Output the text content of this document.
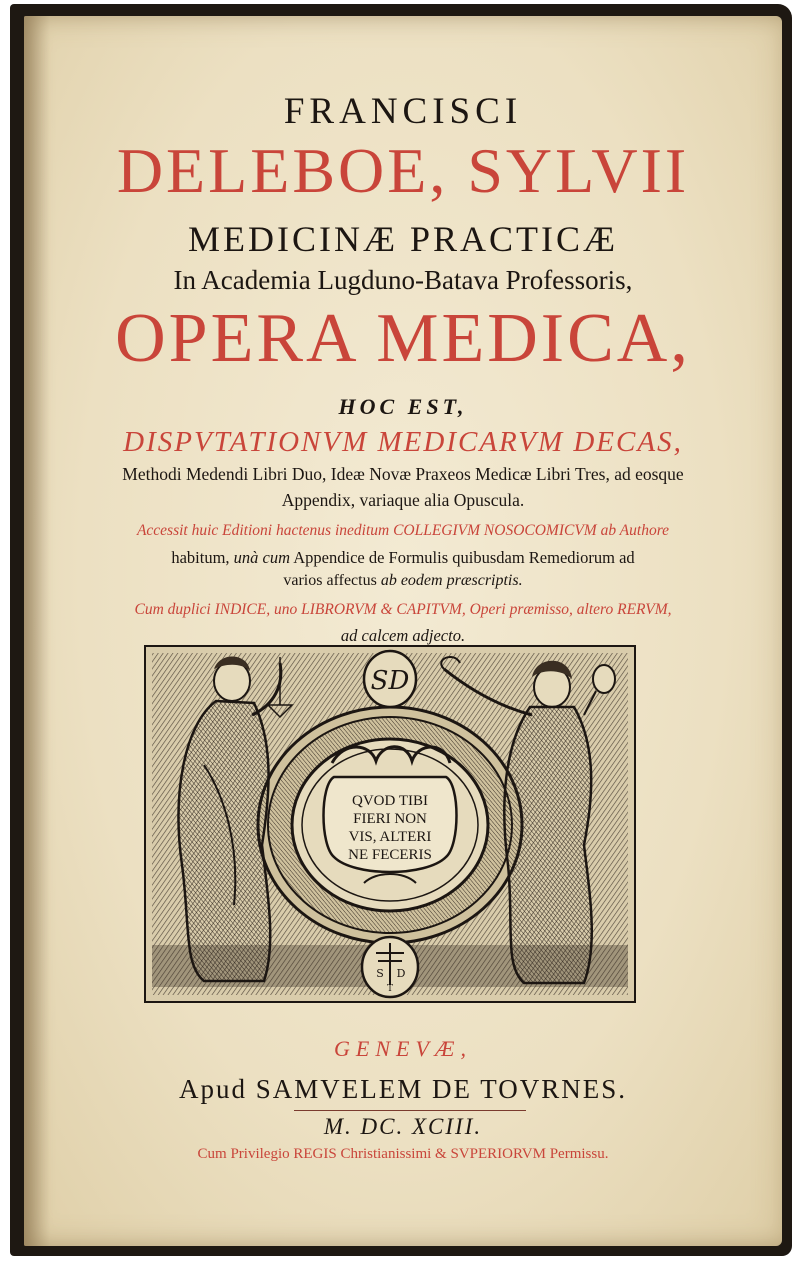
FRANCISCI
DELEBOE, SYLVII
MEDICINÆ PRACTICÆ
In Academia Lugduno-Batava Professoris,
OPERA MEDICA,
HOC EST,
DISPVTATIONVM MEDICARVM DECAS,
Methodi Medendi Libri Duo, Ideæ Novæ Praxeos Medicæ Libri Tres, ad eosque
Appendix, variaque alia Opuscula.
Accessit huic Editioni hactenus ineditum COLLEGIVM NOSOCOMICVM ab Authore
habitum, unà cum Appendice de Formulis quibusdam Remediorum ad
varios affectus ab eodem præscriptis.
Cum duplici INDICE, uno LIBRORVM & CAPITVM, Operi præmisso, altero RERVM,
ad calcem adjecto.
SD
S D
T
QVOD TIBI
FIERI NON
VIS, ALTERI
NE FECERIS
GENEVÆ,
Apud SAMVELEM DE TOVRNES.
M. DC. XCIII.
Cum Privilegio REGIS Christianissimi & SVPERIORVM Permissu.
